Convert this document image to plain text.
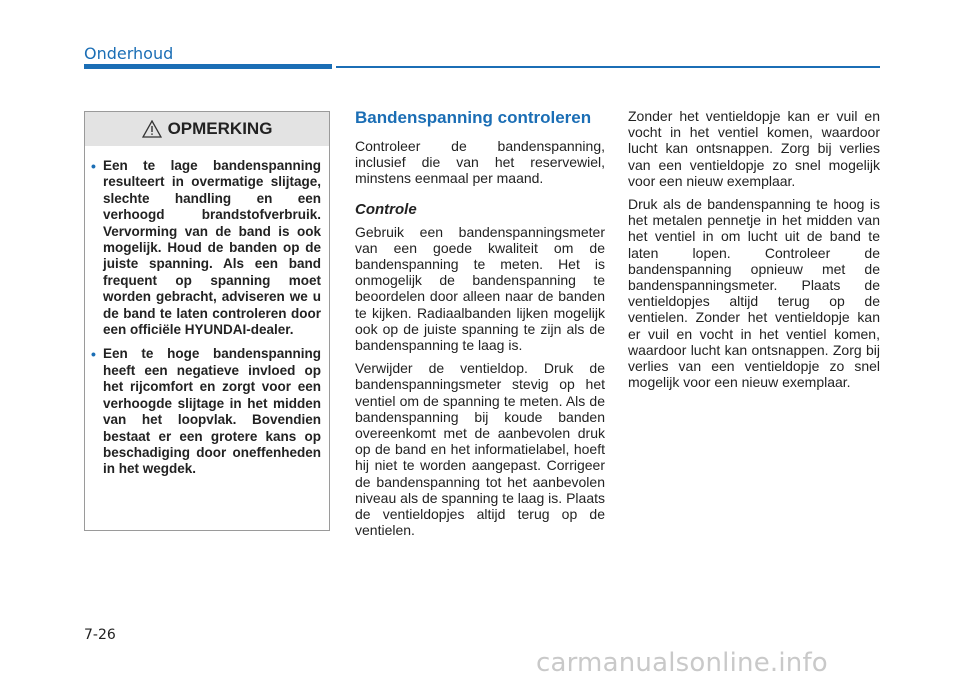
Onderhoud
OPMERKING
• Een te lage bandenspanning resulteert in overmatige slijtage, slechte handling en een verhoogd brandstofverbruik. Vervorming van de band is ook mogelijk. Houd de banden op de juiste spanning. Als een band frequent op spanning moet worden gebracht, adviseren we u de band te laten controleren door een officiële HYUNDAI-dealer.
• Een te hoge bandenspanning heeft een negatieve invloed op het rijcomfort en zorgt voor een verhoogde slijtage in het midden van het loopvlak. Bovendien bestaat er een grotere kans op beschadiging door oneffenheden in het wegdek.
Bandenspanning controleren

Controleer de bandenspanning, inclusief die van het reservewiel, minstens eenmaal per maand.

Controle

Gebruik een bandenspanningsmeter van een goede kwaliteit om de bandenspanning te meten. Het is onmogelijk de bandenspanning te beoordelen door alleen naar de banden te kijken. Radiaalbanden lijken mogelijk ook op de juiste spanning te zijn als de bandenspanning te laag is.

Verwijder de ventieldop. Druk de bandenspanningsmeter stevig op het ventiel om de spanning te meten. Als de bandenspanning bij koude banden overeenkomt met de aanbevolen druk op de band en het informatielabel, hoeft hij niet te worden aangepast. Corrigeer de bandenspanning tot het aanbevolen niveau als de spanning te laag is. Plaats de ventieldopjes altijd terug op de ventielen.

Zonder het ventieldopje kan er vuil en vocht in het ventiel komen, waardoor lucht kan ontsnappen. Zorg bij verlies van een ventieldopje zo snel mogelijk voor een nieuw exemplaar.

Druk als de bandenspanning te hoog is het metalen pennetje in het midden van het ventiel in om lucht uit de band te laten lopen. Controleer de bandenspanning opnieuw met de bandenspanningsmeter. Plaats de ventieldopjes altijd terug op de ventielen. Zonder het ventieldopje kan er vuil en vocht in het ventiel komen, waardoor lucht kan ontsnappen. Zorg bij verlies van een ventieldopje zo snel mogelijk voor een nieuw exemplaar.

7-26
carmanualsonline.info
